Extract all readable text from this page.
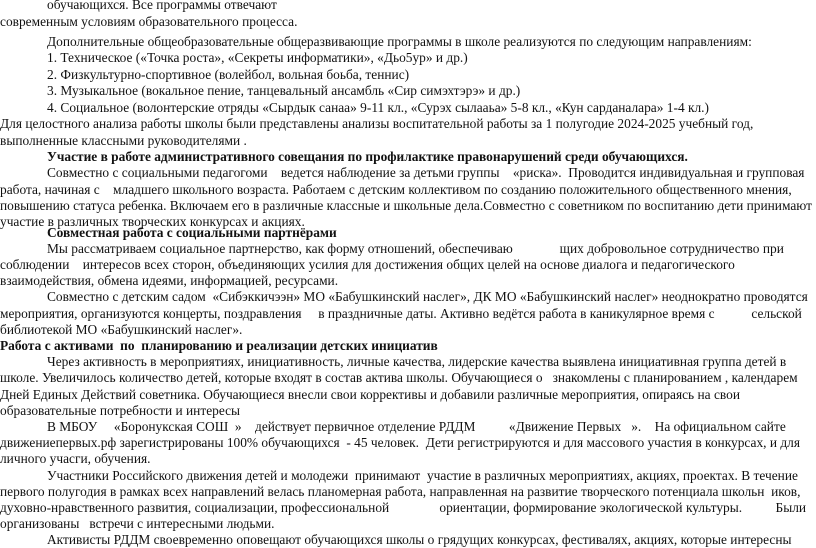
обучающихся. Все программы отвечают
современным условиям образовательного процесса.
Дополнительные общеобразовательные общеразвивающие программы в школе реализуются по следующим направлениям:
1. Техническое («Точка роста», «Секреты информатики», «Дьо5ур» и др.)
2. Физкультурно-спортивное (волейбол, вольная боьба, теннис)
3. Музыкальное (вокальное пение, танцевальный ансамбль «Сир симэхтэрэ» и др.)
4. Социальное (волонтерские отряды «Сырдык санаа» 9-11 кл., «Сурэх сылааьа» 5-8 кл., «Кун сарданалара» 1-4 кл.)
Для целостного анализа работы школы были представлены анализы воспитательной работы за 1 полугодие 2024-2025 учебный год,
выполненные классными руководителями .
Участие в работе административного совещания по профилактике правонарушений среди обучающихся.
Совместно с социальными педагогоми    ведется наблюдение за детьми группы    «риска».  Проводится индивидуальная и групповая
работа, начиная с    младшего школьного возраста. Работаем с детским коллективом по созданию положительного общественного мнения,
повышению статуса ребенка. Включаем его в различные классные и школьные дела.Совместно с советником по воспитанию дети принимают
участие в различных творческих конкурсах и акциях.
Совместная работа с социальными партнёрами
Мы рассматриваем социальное партнерство, как форму отношений, обеспечиваю              щих добровольное сотрудничество при
соблюдении    интересов всех сторон, объединяющих усилия для достижения общих целей на основе диалога и педагогического
взаимодействия, обмена идеями, информацией, ресурсами.
Совместно с детским садом  «Сибэккичээн» МО «Бабушкинский наслег», ДК МО «Бабушкинский наслег» неоднократно проводятся
мероприятия, организуются концерты, поздравления     в праздничные даты. Активно ведётся работа в каникулярное время с           сельской
библиотекой МО «Бабушкинский наслег».
Работа с активами  по  планированию и реализации детских инициатив
Через активность в мероприятиях, инициативность, личные качества, лидерские качества выявлена инициативная группа детей в
школе. Увеличилось количество детей, которые входят в состав актива школы. Обучающиеся о   знакомлены с планированием , календарем
Дней Единых Действий советника. Обучающиеся внесли свои коррективы и добавили различные мероприятия, опираясь на свои
образовательные потребности и интересы
В МБОУ     «Боронукская СОШ  »    действует первичное отделение РДДМ          «Движение Первых   ».    На официальном сайте
движениепервых.рф зарегистрированы 100% обучающихся  - 45 человек.  Дети регистрируются и для массового участия в конкурсах, и для
личного учасги, обучения.
Участники Российского движения детей и молодежи  принимают  участие в различных мероприятиях, акциях, проектах. В течение
первого полугодия в рамках всех направлений велась планомерная работа, направленная на развитие творческого потенциала школьн  иков,
духовно-нравственного развития, социализации, профессиональной               ориентации, формирование экологической культуры.          Были
организованы   встречи с интересными людьми.
Активисты РДДМ своевременно оповещают обучающихся школы о грядущих конкурсах, фестивалях, акциях, которые интересны
